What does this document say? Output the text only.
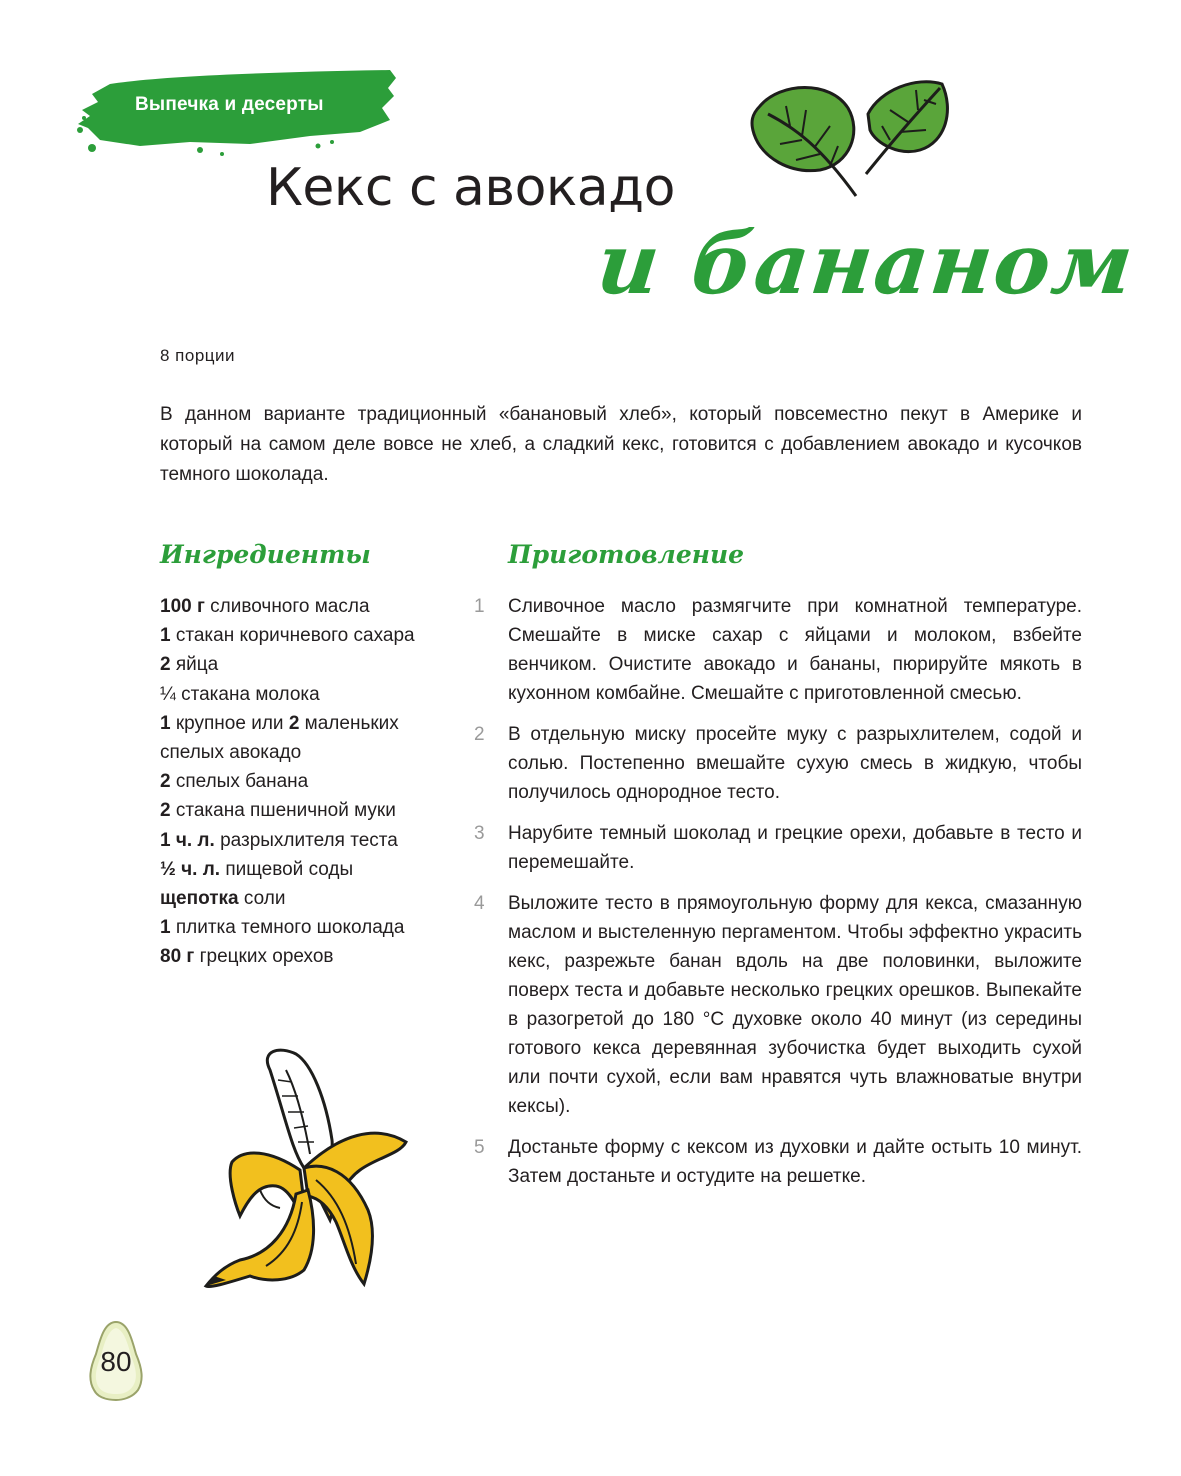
Выпечка и десерты
Кекс с авокадо
и бананом
8 порции
В данном варианте традиционный «банановый хлеб», который повсеместно пекут в Америке и который на самом деле вовсе не хлеб, а сладкий кекс, готовится с добавлением авокадо и кусочков темного шоколада.
Ингредиенты
100 г сливочного масла
1 стакан коричневого сахара
2 яйца
¼ стакана молока
1 крупное или 2 маленьких спелых авокадо
2 спелых банана
2 стакана пшеничной муки
1 ч. л. разрыхлителя теста
½ ч. л. пищевой соды
щепотка соли
1 плитка темного шоколада
80 г грецких орехов
Приготовление
1	Сливочное масло размягчите при комнатной температуре. Смешайте в миске сахар с яйцами и молоком, взбейте венчиком. Очистите авокадо и бананы, пюрируйте мякоть в кухонном комбайне. Смешайте с приготовленной смесью.
2	В отдельную миску просейте муку с разрыхлителем, содой и солью. Постепенно вмешайте сухую смесь в жидкую, чтобы получилось однородное тесто.
3	Нарубите темный шоколад и грецкие орехи, добавьте в тесто и перемешайте.
4	Выложите тесто в прямоугольную форму для кекса, смазанную маслом и выстеленную пергаментом. Чтобы эффектно украсить кекс, разрежьте банан вдоль на две половинки, выложите поверх теста и добавьте несколько грецких орешков. Выпекайте в разогретой до 180 °C духовке около 40 минут (из середины готового кекса деревянная зубочистка будет выходить сухой или почти сухой, если вам нравятся чуть влажноватые внутри кексы).
5	Достаньте форму с кексом из духовки и дайте остыть 10 минут. Затем достаньте и остудите на решетке.
80
